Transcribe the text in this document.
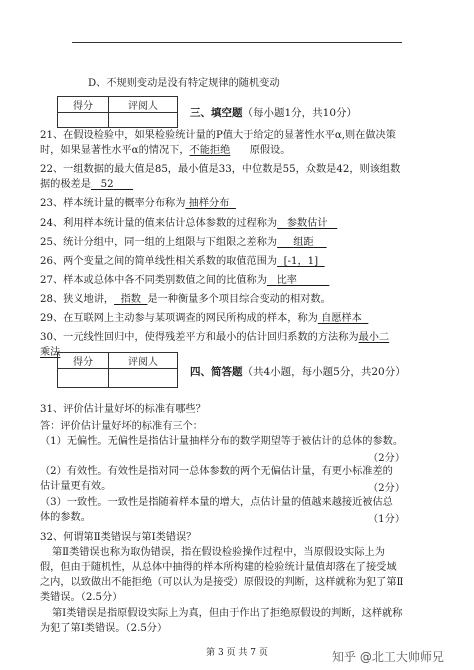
D、不规则变动是没有特定规律的随机变动
得分	评阅人

三、填空题（每小题1分，共10分）
21、在假设检验中，如果检验统计量的P值大于给定的显著性水平α,则在做决策
时，如果显著性水平α的情况下，不能拒绝 原假设。
22、一组数据的最大值是85，最小值是33，中位数是55，众数是42，则该组数
据的极差是 52
23、样本统计量的概率分布称为 抽样分布
24、利用样本统计量的值来估计总体参数的过程称为 参数估计
25、统计分组中，同一组的上组限与下组限之差称为 组距
26、两个变量之间的简单线性相关系数的取值范围为 [-1，1]
27、样本或总体中各不同类别数值之间的比值称为 比率
28、狭义地讲， 指数 是一种衡量多个项目综合变动的相对数。
29、在互联网上主动参与某项调查的网民所构成的样本，称为 自愿样本
30、一元线性回归中，使得残差平方和最小的估计回归系数的方法称为最小二
乘法
得分	评阅人

四、简答题（共4小题，每小题5分，共20分）
31、评价估计量好坏的标准有哪些？
答：评价估计量好坏的标准有三个：
（1）无偏性。无偏性是指估计量抽样分布的数学期望等于被估计的总体的参数。
（2分）
（2）有效性。有效性是指对同一总体参数的两个无偏估计量，有更小标准差的
估计量更有效。	（2分）
（3）一致性。一致性是指随着样本量的增大，点估计量的值越来越接近被估总
体的参数。	（1分）
32、何谓第Ⅱ类错误与第Ⅰ类错误？
第Ⅱ类错误也称为取伪错误，指在假设检验操作过程中，当原假设实际上为
假，但由于随机性，从总体中抽得的样本所构建的检验统计量值却落在了接受域
之内，以致做出不能拒绝（可以认为是接受）原假设的判断，这样就称为犯了第Ⅱ
类错误。（2.5分）
第Ⅰ类错误是指原假设实际上为真，但由于作出了拒绝原假设的判断，这样就称
为犯了第Ⅰ类错误。（2.5分）
第 3 页 共 7 页	知乎 @北工大帅师兄
